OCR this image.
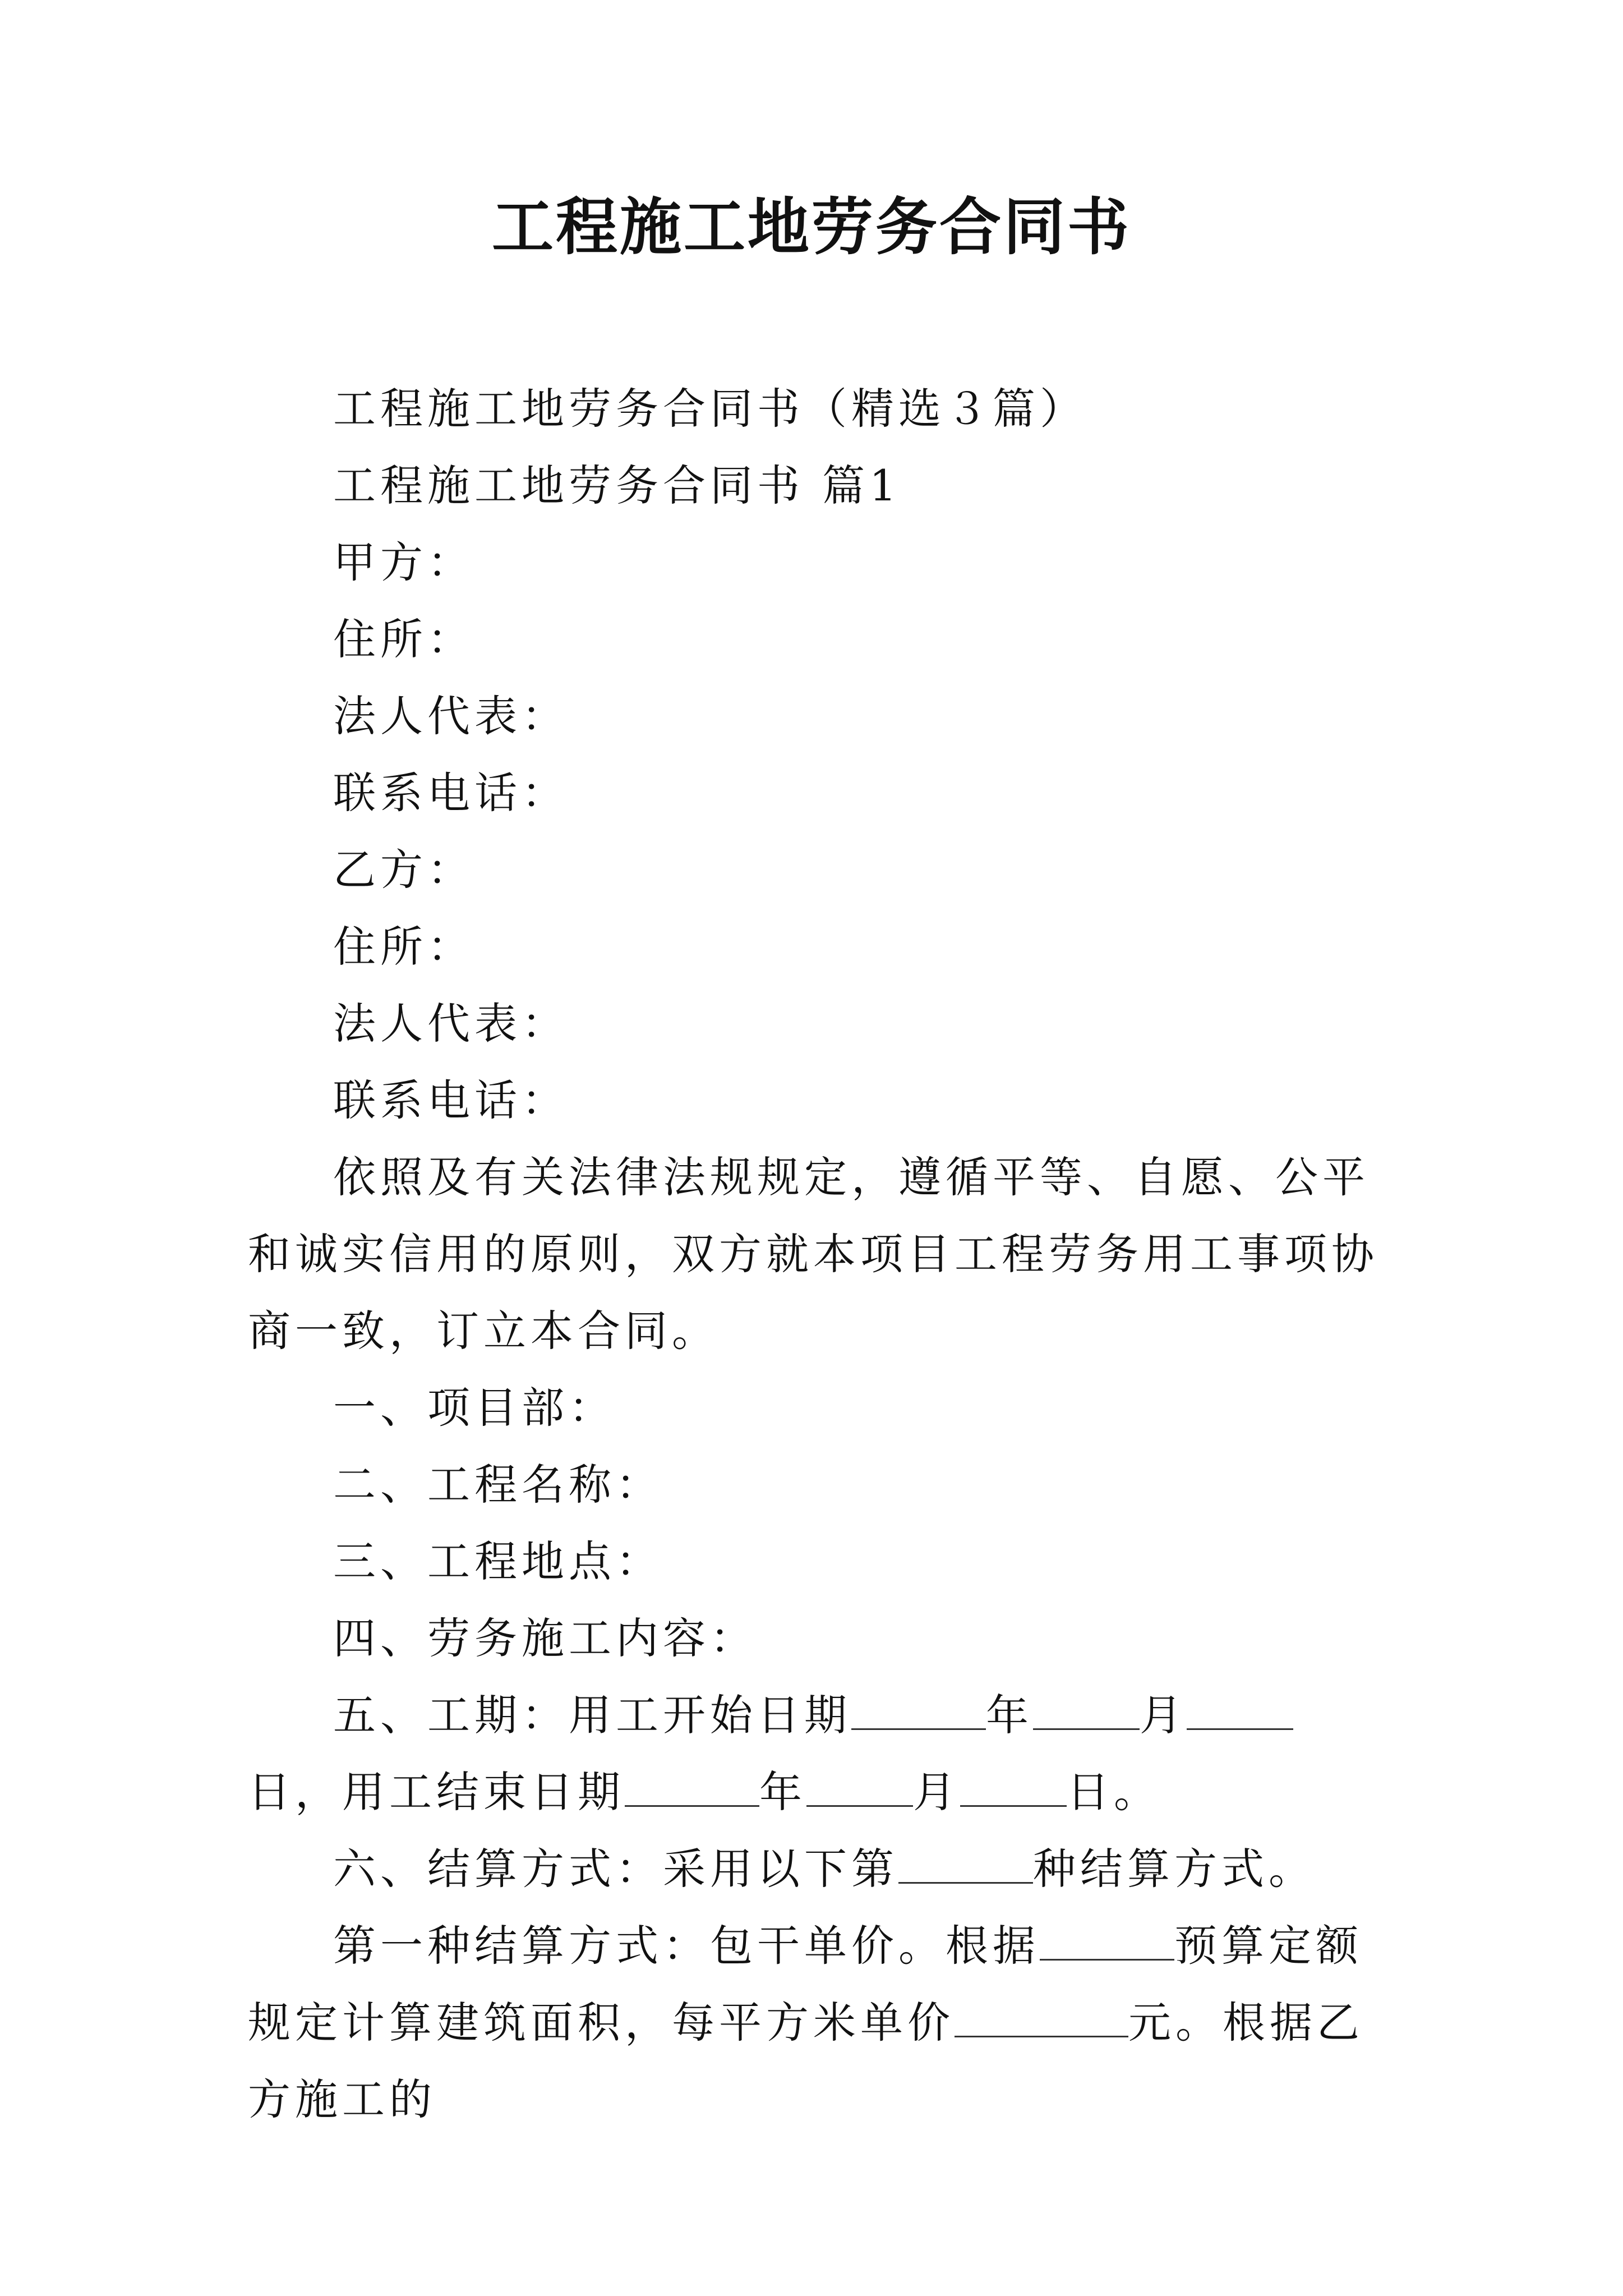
工程施工地劳务合同书

工程施工地劳务合同书（精选３篇）

工程施工地劳务合同书 篇1

甲方：

住所：

法人代表：

联系电话：

乙方：

住所：

法人代表：

联系电话：

依照及有关法律法规规定，遵循平等、自愿、公平和诚实信用的原则，双方就本项目工程劳务用工事项协商一致，订立本合同。

一、项目部：

二、工程名称：

三、工程地点：

四、劳务施工内容：

五、工期：用工开始日期	年	月日，用工结束日期	年	月	日。

六、结算方式：采用以下第	种结算方式。

第一种结算方式：包干单价。根据	预算定额规定计算建筑面积，每平方米单价	元。根据乙方施工的
